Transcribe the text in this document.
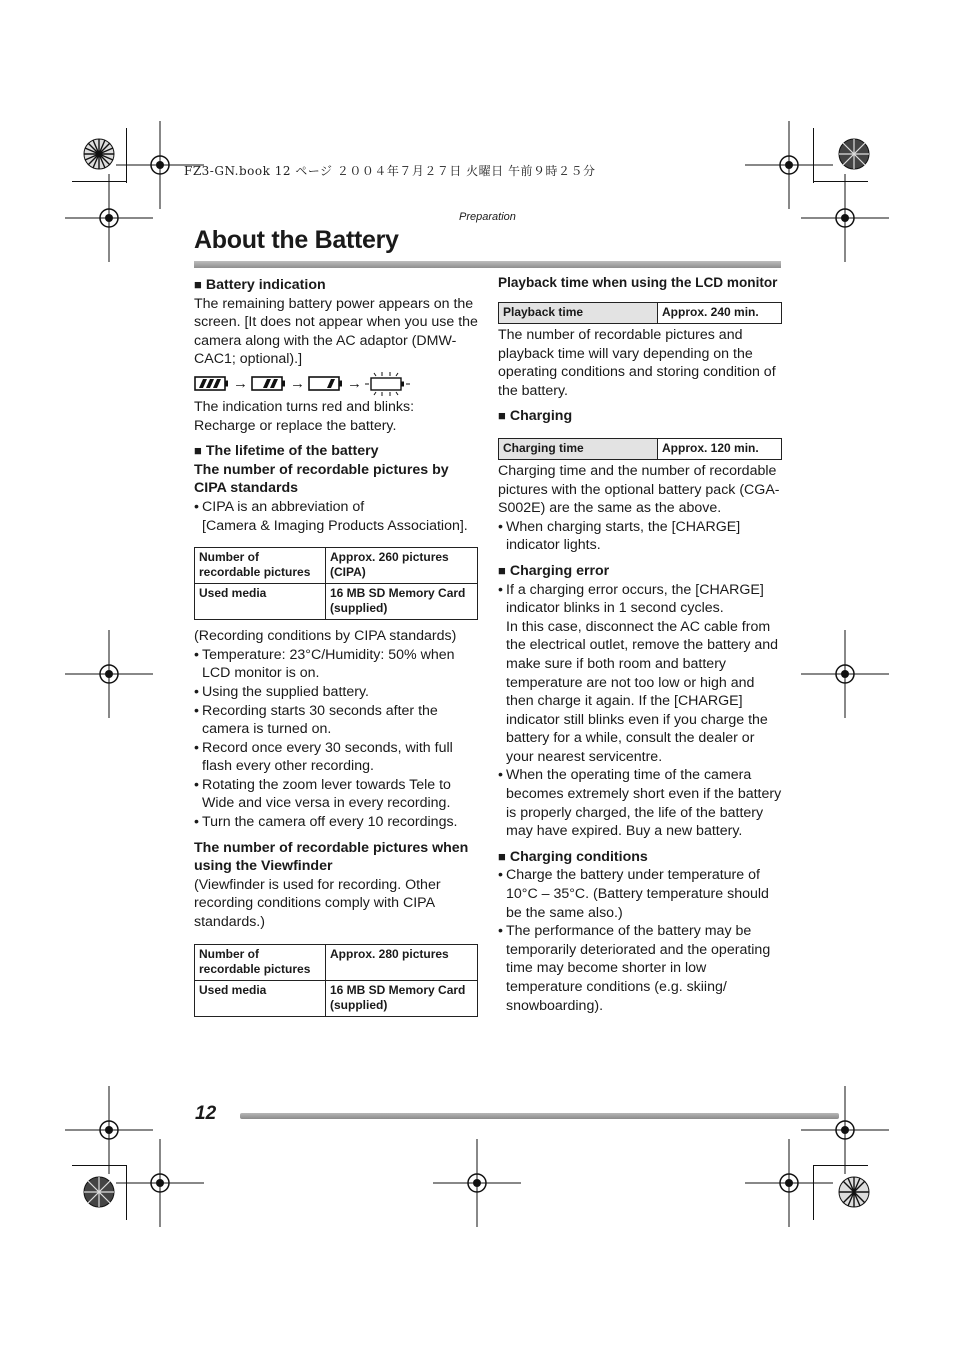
FZ3-GN.book 12 ページ ２００４年７月２７日 火曜日 午前９時２５分
Preparation
About the Battery

■ Battery indication

The remaining battery power appears on the screen. [It does not appear when you use the camera along with the AC adaptor (DMW-CAC1; optional).]

→	→	→

The indication turns red and blinks: Recharge or replace the battery.

■ The lifetime of the battery

The number of recordable pictures by CIPA standards

• CIPA is an abbreviation of

[Camera & Imaging Products Association].

Number of recordable pictures	Approx. 260 pictures (CIPA)
Used media	16 MB SD Memory Card (supplied)

(Recording conditions by CIPA standards)

• Temperature: 23°C/Humidity: 50% when LCD monitor is on.
• Using the supplied battery.
• Recording starts 30 seconds after the camera is turned on.
• Record once every 30 seconds, with full flash every other recording.
• Rotating the zoom lever towards Tele to Wide and vice versa in every recording.
• Turn the camera off every 10 recordings.

The number of recordable pictures when using the Viewfinder

(Viewfinder is used for recording. Other recording conditions comply with CIPA standards.)

Number of recordable pictures	Approx. 280 pictures
Used media	16 MB SD Memory Card (supplied)

Playback time when using the LCD monitor

Playback time	Approx. 240 min.

The number of recordable pictures and playback time will vary depending on the operating conditions and storing condition of the battery.

■ Charging

Charging time	Approx. 120 min.

Charging time and the number of recordable pictures with the optional battery pack (CGA-S002E) are the same as the above.

• When charging starts, the [CHARGE] indicator lights.

■ Charging error

• If a charging error occurs, the [CHARGE] indicator blinks in 1 second cycles.
In this case, disconnect the AC cable from the electrical outlet, remove the battery and make sure if both room and battery temperature are not too low or high and then charge it again. If the [CHARGE] indicator still blinks even if you charge the battery for a while, consult the dealer or your nearest servicentre.
• When the operating time of the camera becomes extremely short even if the battery is properly charged, the life of the battery may have expired. Buy a new battery.

■ Charging conditions

• Charge the battery under temperature of 10°C – 35°C. (Battery temperature should be the same also.)
• The performance of the battery may be temporarily deteriorated and the operating time may become shorter in low temperature conditions (e.g. skiing/ snowboarding).
12
